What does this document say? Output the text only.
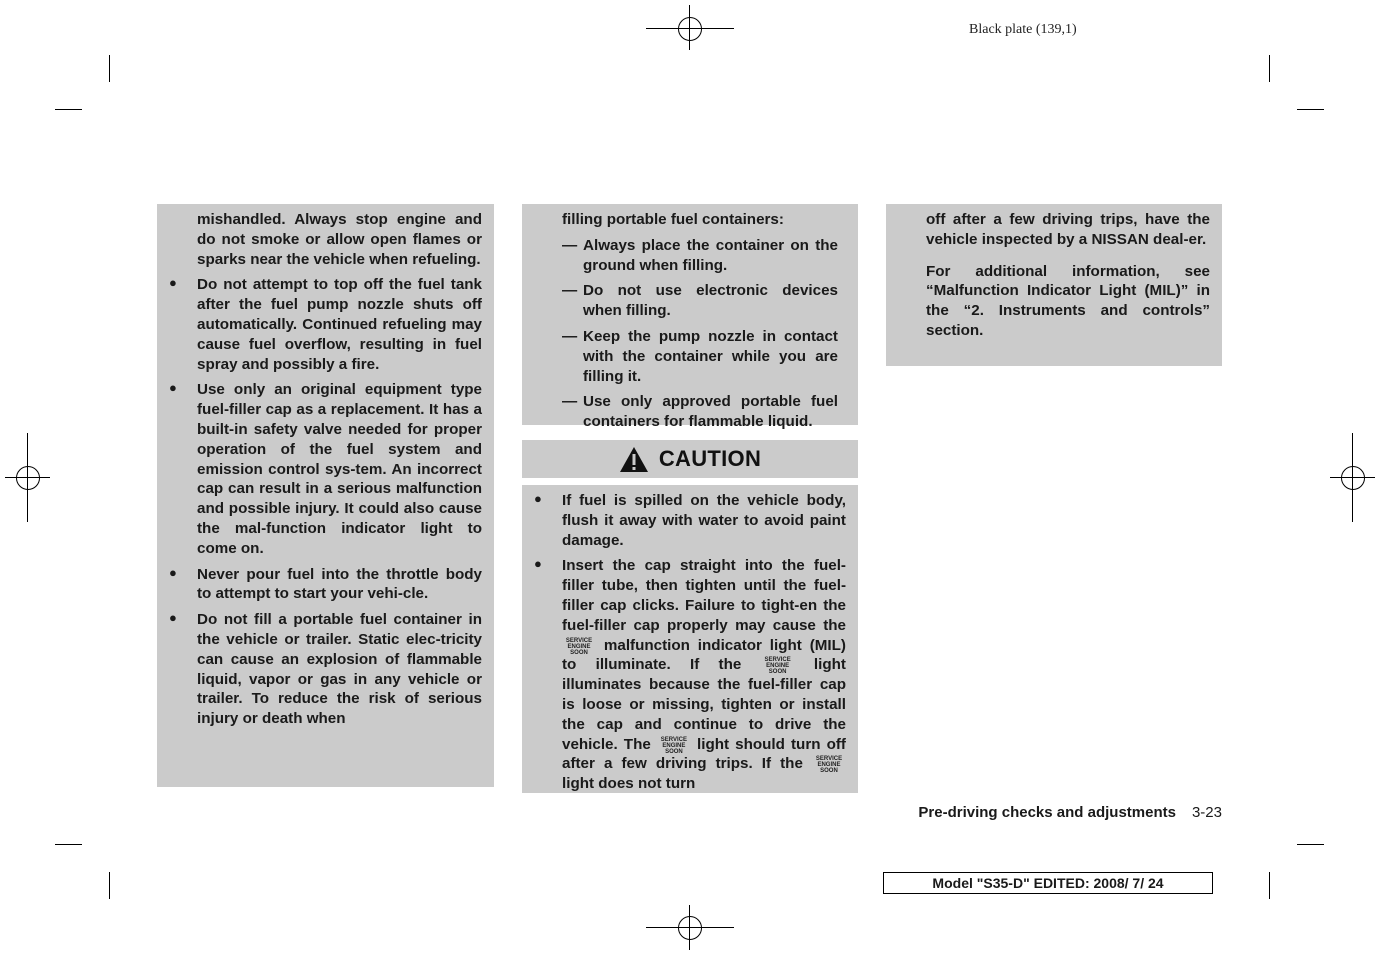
Black plate (139,1)

mishandled. Always stop engine and do not smoke or allow open flames or sparks near the vehicle when refueling.

● Do not attempt to top off the fuel tank after the fuel pump nozzle shuts off automatically. Continued refueling may cause fuel overflow, resulting in fuel spray and possibly a fire.

● Use only an original equipment type fuel-filler cap as a replacement. It has a built-in safety valve needed for proper operation of the fuel system and emission control sys-tem. An incorrect cap can result in a serious malfunction and possible injury. It could also cause the mal-function indicator light to come on.

● Never pour fuel into the throttle body to attempt to start your vehi-cle.

● Do not fill a portable fuel container in the vehicle or trailer. Static elec-tricity can cause an explosion of flammable liquid, vapor or gas in any vehicle or trailer. To reduce the risk of serious injury or death when

filling portable fuel containers:

— Always place the container on the ground when filling.

— Do not use electronic devices when filling.

— Keep the pump nozzle in contact with the container while you are filling it.

— Use only approved portable fuel containers for flammable liquid.

CAUTION
● If fuel is spilled on the vehicle body, flush it away with water to avoid paint damage.

● Insert the cap straight into the fuel-filler tube, then tighten until the fuel-filler cap clicks. Failure to tight-en the fuel-filler cap properly may cause the SERVICE
ENGINE
SOON malfunction indicator light (MIL) to illuminate. If the	SERVICE
ENGINE
SOON light illuminates because the fuel-filler cap is loose or missing, tighten or install the cap and continue to drive the vehicle. The SERVICE
ENGINE
SOON light should turn off after a few driving trips. If the SERVICE
ENGINE
SOON light does not turn

off after a few driving trips, have the vehicle inspected by a NISSAN deal-er.

For additional information, see “Malfunction Indicator Light (MIL)” in the “2. Instruments and controls” section.

Pre-driving checks and adjustments 3-23
Model "S35-D" EDITED: 2008/ 7/ 24
